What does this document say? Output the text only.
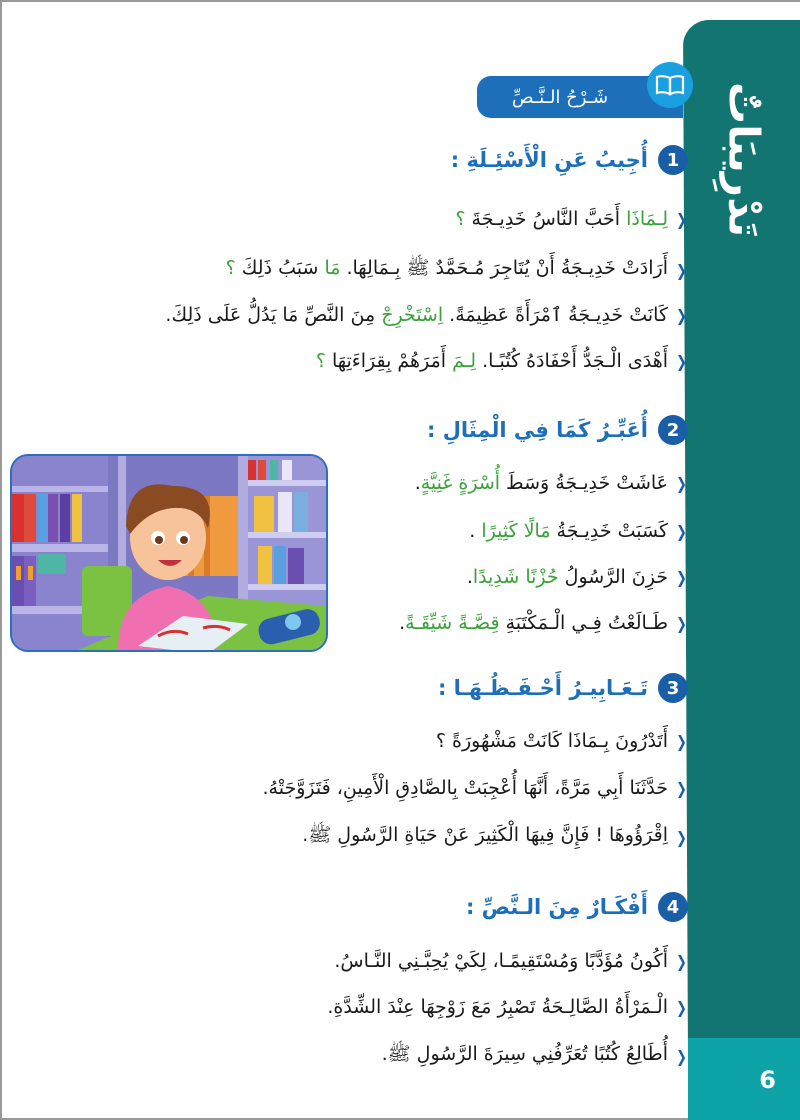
تَدْرِيبَاتٌ
6
شَـرْحُ الـنَّـصِّ
1
أُجِيبُ عَنِ الْأَسْئِـلَةِ :
❮
لِـمَاذَا أَحَبَّ النَّاسُ خَدِيـجَةَ ؟
❮
أَرَادَتْ خَدِيـجَةُ أَنْ يُتَاجِرَ مُـحَمَّدٌ ﷺ بِـمَالِهَا. مَا سَبَبُ ذَلِكَ ؟
❮
كَانَتْ خَدِيـجَةُ ٱمْرَأَةً عَظِيمَةً. اِسْتَخْرِجْ مِنَ النَّصِّ مَا يَدُلُّ عَلَى ذَلِكَ.
❮
أَهْدَى الْـجَدُّ أَحْفَادَهُ كُتُبًـا. لِـمَ أَمَرَهُمْ بِقِرَاءَتِهَا ؟
2
أُعَبِّـرُ كَمَا فِي الْمِثَالِ :
❮
عَاشَتْ خَدِيـجَةُ وَسَطَ أُسْرَةٍ غَنِيَّةٍ.
❮
كَسَبَتْ خَدِيـجَةُ مَالًا كَثِيرًا .
❮
حَزِنَ الرَّسُولُ حُزْنًا شَدِيدًا.
❮
طَـالَعْتُ فِـي الْـمَكْتَبَةِ قِصَّـةً شَيِّقَـةً.
3
تَـعَـابِيـرُ أَحْـفَـظُـهَـا :
❮
أَتَدْرُونَ بِـمَاذَا كَانَتْ مَشْهُورَةً ؟
❮
حَدَّثَنَا أَبِي مَرَّةً، أَنَّهَا أُعْجِبَتْ بِالصَّادِقِ الْأَمِينِ، فَتَزَوَّجَتْهُ.
❮
اِقْرَؤُوهَا ! فَإِنَّ فِيهَا الْكَثِيرَ عَنْ حَيَاةِ الرَّسُولِ ﷺ.
4
أَفْكَـارٌ مِنَ الـنَّصِّ :
❮
أَكُونُ مُؤَدَّبًا وَمُسْتَقِيمًـا، لِكَيْ يُحِبَّـنِي النَّـاسُ.
❮
الْـمَرْأَةُ الصَّالِـحَةُ تَصْبِرُ مَعَ زَوْجِهَا عِنْدَ الشِّدَّةِ.
❮
أُطَالِعُ كُتُبًا تُعَرِّفُنِي سِيرَةَ الرَّسُولِ ﷺ.
